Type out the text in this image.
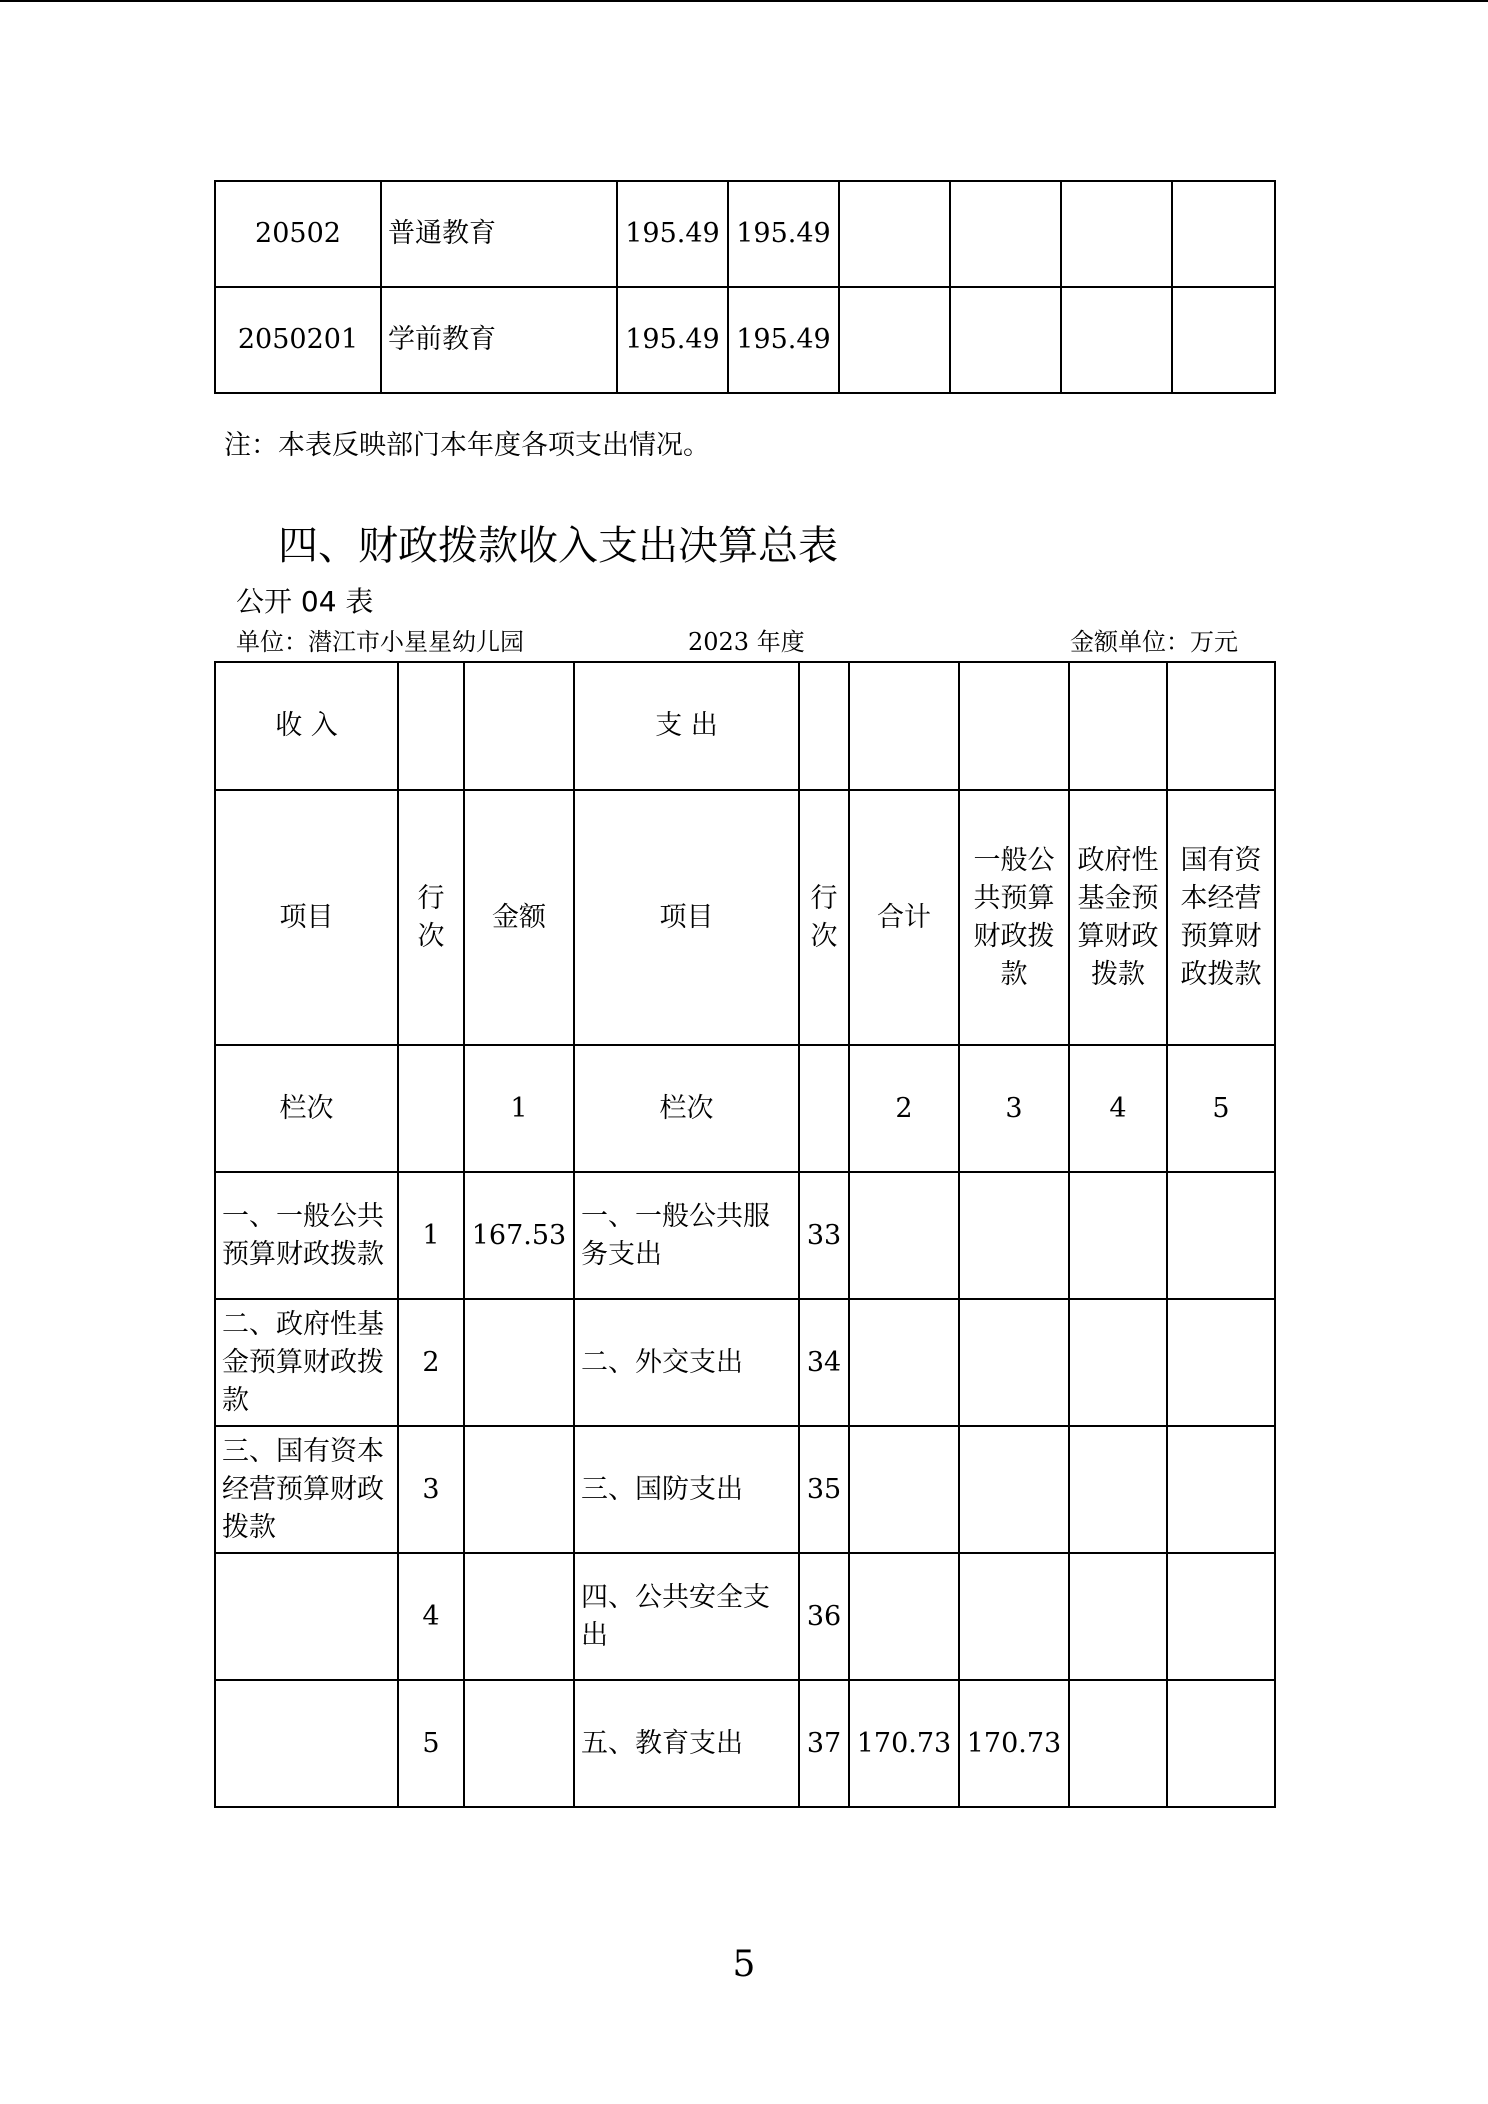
20502	普通教育	195.49	195.49				
2050201	学前教育	195.49	195.49				
注：本表反映部门本年度各项支出情况。
四、财政拨款收入支出决算总表
公开 04 表
单位：潜江市小星星幼儿园	2023 年度	金额单位：万元
收 入			支 出					
项目	行次	金额	项目	行次	合计	一般公共预算财政拨款	政府性基金预算财政拨款	国有资本经营预算财政拨款
栏次		1	栏次		2	3	4	5
一、一般公共预算财政拨款	1	167.53	一、一般公共服务支出	33				
二、政府性基金预算财政拨款	2		二、外交支出	34				
三、国有资本经营预算财政拨款	3		三、国防支出	35				
	4		四、公共安全支出	36				
	5		五、教育支出	37	170.73	170.73		
5
